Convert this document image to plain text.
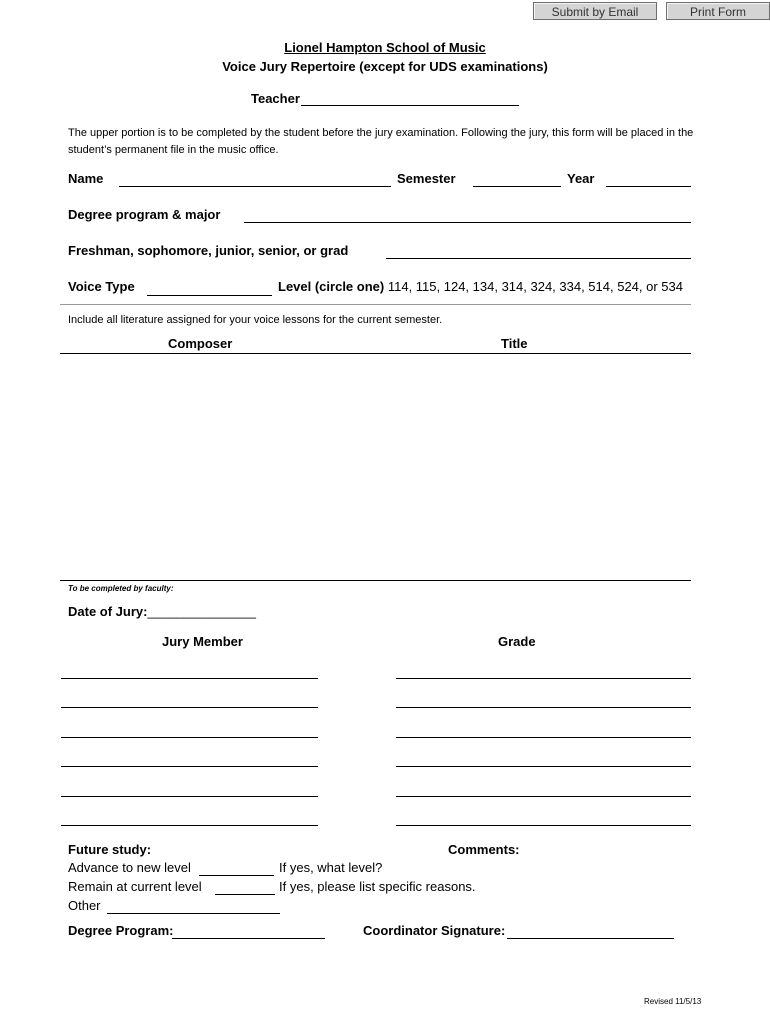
Submit by Email	Print Form
Lionel Hampton School of Music
Voice Jury Repertoire (except for UDS examinations)
Teacher
The upper portion is to be completed by the student before the jury examination. Following the jury, this form will be placed in the student’s permanent file in the music office.
Name	Semester	Year
Degree program & major
Freshman, sophomore, junior, senior, or grad
Voice Type	Level (circle one) 114, 115, 124, 134, 314, 324, 334, 514, 524, or 534
Include all literature assigned for your voice lessons for the current semester.
Composer	Title
To be completed by faculty:
Date of Jury:_______________
Jury Member	Grade
Future study:	Comments:
Advance to new level	If yes, what level?
Remain at current level	If yes, please list specific reasons.
Other
Degree Program:	Coordinator Signature:
Revised 11/5/13
